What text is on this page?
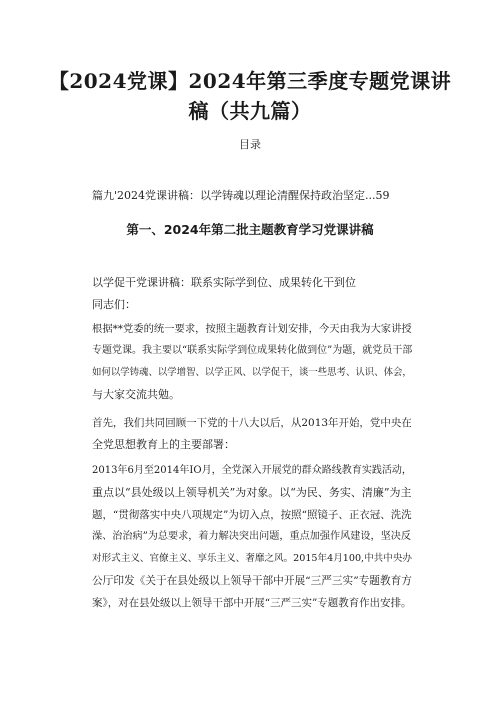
【2024党课】2024年第三季度专题党课讲
稿（共九篇）
目录
篇九'2024党课讲稿：以学铸魂以理论清醒保持政治坚定...59
第一、2024年第二批主题教育学习党课讲稿
以学促干党课讲稿：联系实际学到位、成果转化干到位
同志们：
根据**党委的统一要求，按照主题教育计划安排，今天由我为大家讲授
专题党课。我主要以“联系实际学到位成果转化做到位”为题，就党员干部
如何以学铸魂、以学增智、以学正风、以学促干，谈一些思考、认识、体会，
与大家交流共勉。
首先，我们共同回顾一下党的十八大以后，从2013年开始，党中央在
全党思想教育上的主要部署：
2013年6月至2014年IO月，全党深入开展党的群众路线教育实践活动，
重点以“县处级以上领导机关”为对象。以“为民、务实、清廉”为主
题，“贯彻落实中央八项规定”为切入点，按照“照镜子、正衣冠、洗洗
澡、治治病”为总要求，着力解决突出问题，重点加强作风建设，坚决反
对形式主义、官僚主义、享乐主义、奢靡之风。2015年4月100,中共中央办
公厅印发《关于在县处级以上领导干部中开展“三严三实”专题教育方
案》，对在县处级以上领导干部中开展“三严三实”专题教育作出安排。
